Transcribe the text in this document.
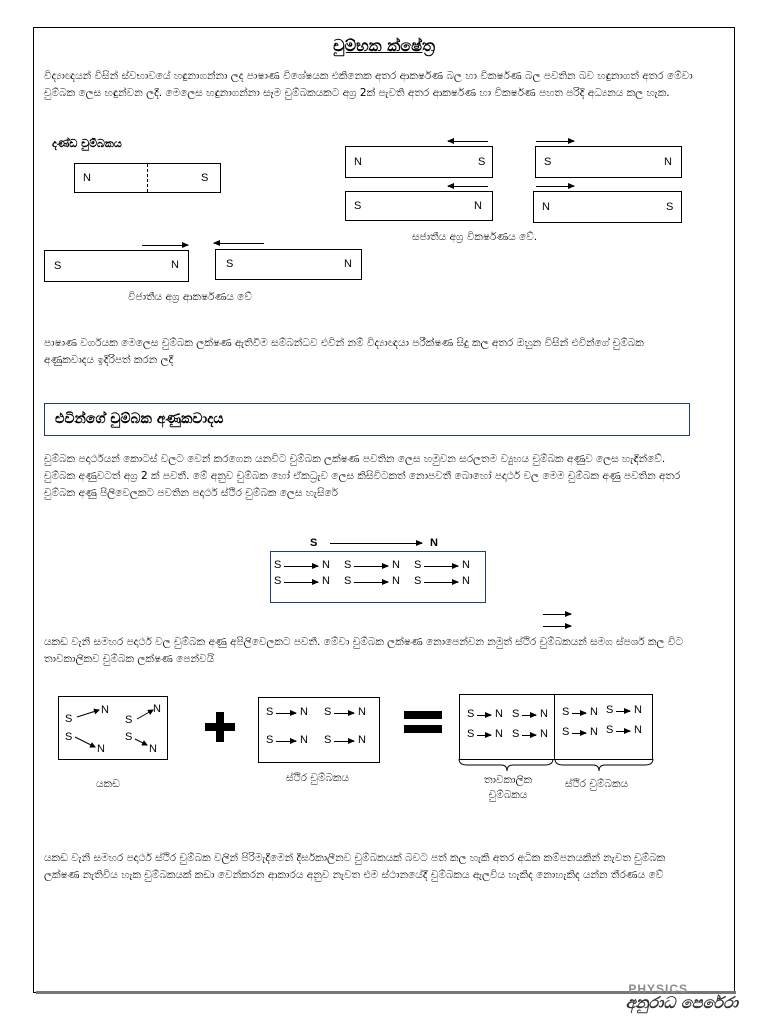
චුම්භක ක්ෂේත්‍ර
විද්‍යාඥයන් විසින් ස්වභාවයේ හඳුනාගන්නා ලද පාෂාණ විශේෂයක එකිනෙක අතර ආකර්ෂණ බල හා විකර්ෂණ බල පවතින බව හඳුනාගත් අතර මේවා චුම්බක ලෙස හඳුන්වන ලදී. මෙලෙස හඳුනාගන්නා සෑම චුම්බකයකට අග්‍ර 2ක් පැවති අතර ආකර්ෂණ හා විකර්ෂණ පහත පරිදි අධ්‍යනය කල හැක.
දණ්ඩ චුම්බකය
N	S
N	S	S	N
S	N	N	S
සජාතීය අග්‍ර විකර්ෂණය වේ.
S	N	S	N
විජාතීය අග්‍ර ආකර්ෂණය වේ
පාෂාණ වර්ගයක මෙලෙස චුම්බක ලක්ෂණ ඇතිවීම සම්බන්ධව එවින් නම් විද්‍යාඥයා පරීක්ෂණ සිදු කල අතර ඔහුන විසින් එවින්ගේ චුම්බක අණුකවාදය ඉදිරිපත් කරන ලදී
එවින්ගේ චුම්බක අණුකවාදය
චුම්බක පදාර්ථයන් කොටස් වලට වෙන් කරගෙන යනවිට චුම්බක ලක්ෂණ පවතින ලෙස හමුවන සරලතම ව්‍යුහය චුම්බක අණුව ලෙස හැඳින්වේ. චුම්බක අණුවටත් අග්‍ර 2 ක් පවතී. මේ අනුව චුම්බක හෝ ඒකධ්‍රැව ලෙස කිසිවිටකත් නොපවතී බොහෝ පදාර්ථ වල මෙම චුම්බක අණු පවතින අතර චුම්බක අණු පිලිවෙලකට පවතින පදාර්ථ ස්ථිර චුම්බක ලෙස හැසිරේ
S	N
S	N S	N S	N
S	N S	N S	N
යකඩ වැනි සමහර පදාර්ථ වල චුම්බක අණු අපිලිවෙලකට පවතී. මේවා චුම්බක ලක්ෂණ නොපෙන්වන නමුත් ස්ථිර චුම්බකයන් සමග ස්පර්ශ කල විට තාවකාලිකව චුම්බක ලක්ෂණ පෙන්වයි
S
N
S
N
S
N
S
N
S N S N
S N S N
S N S N
S N S N
S N S N
S N S N
යකඩ	ස්ථිර චුම්බකය	තාවකාලික චුම්බකය
ස්ථිර චුම්බකය
යකඩ වැනි සමහර පදාර්ථ ස්ථිර චුම්බක වලින් පිරිමැදීමෙන් දීර්ඝකාලීනව චුම්බකයක් බවට පත් කල හැකි අතර අධික කම්පනයකින් නැවත චුම්බක ලක්ෂණ නැතිවිය හැක චුම්බකයක් කඩා වෙන්කරන ආකාරය අනුව නැවත එම ස්ථානයේදී චුම්බකය ඇලවිය හැකිද නොහැකිද යන්න තීරණය වේ
PHYSICS
අනුරාධ පෙරේරා
